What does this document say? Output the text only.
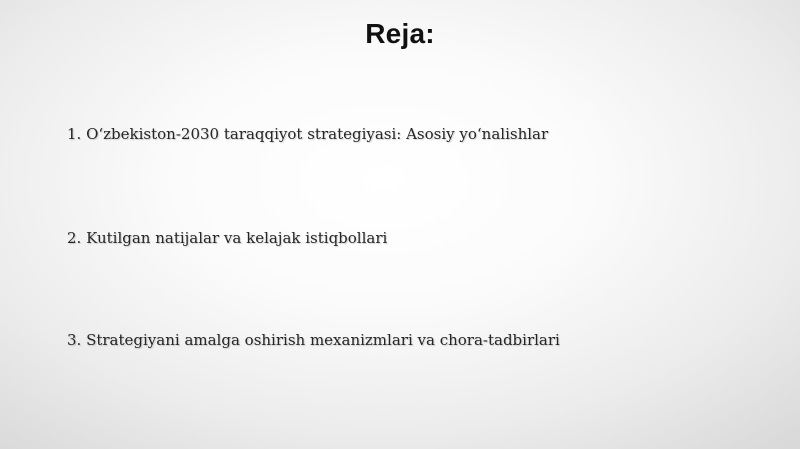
Reja:
1. O‘zbekiston-2030 taraqqiyot strategiyasi: Asosiy yo‘nalishlar
2. Kutilgan natijalar va kelajak istiqbollari
3. Strategiyani amalga oshirish mexanizmlari va chora-tadbirlari
